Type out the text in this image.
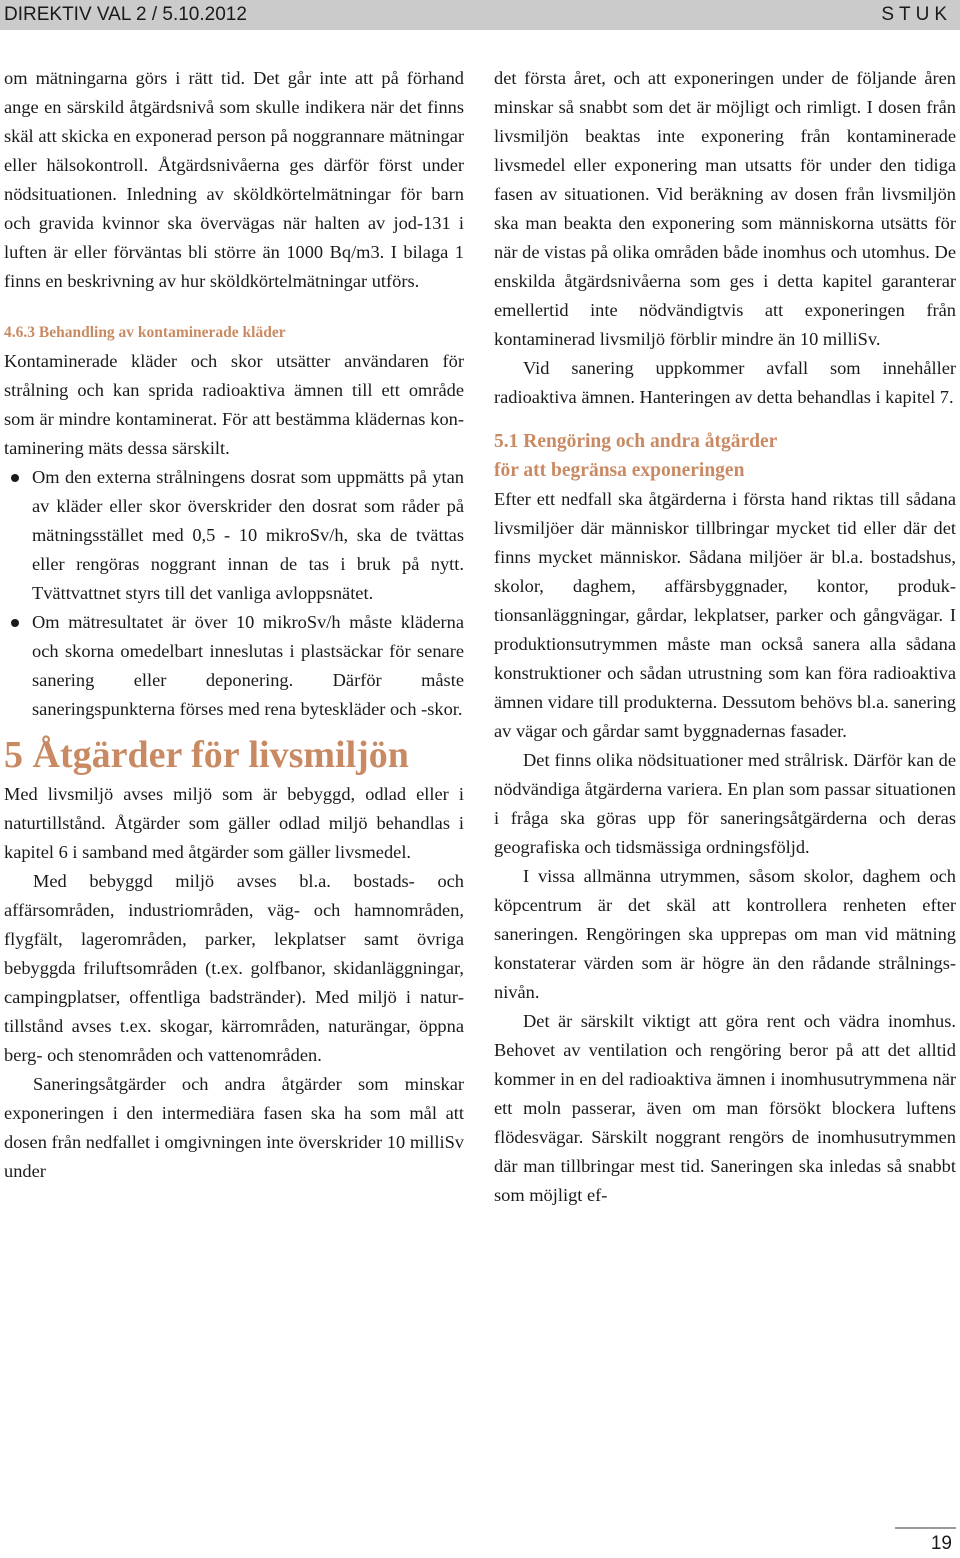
DIREKTIV VAL 2 / 5.10.2012	STUK

om mätningarna görs i rätt tid. Det går inte att på förhand ange en särskild åtgärdsnivå som skulle indikera när det finns skäl att skicka en exponerad person på noggrannare mätningar eller hälsokontroll. Åtgärdsnivåerna ges därför först under nödsituationen. Inledning av sköldkörtelmätningar för barn och gravida kvinnor ska övervägas när halten av jod-131 i luften är eller förväntas bli större än 1000 Bq/m3. I bilaga 1 finns en beskrivning av hur sköldkörtelmätningar utförs.

4.6.3 Behandling av kontaminerade kläder

Kontaminerade kläder och skor utsätter användaren för strålning och kan sprida radioaktiva ämnen till ett område som är mindre kontaminerat. För att bestämma klädernas kontaminering mäts dessa särskilt.

Om den externa strålningens dosrat som uppmätts på ytan av kläder eller skor överskrider den dosrat som råder på mätningsstället med 0,5 - 10 mikroSv/h, ska de tvättas eller rengöras noggrant innan de tas i bruk på nytt. Tvättvattnet styrs till det vanliga avloppsnätet.
Om mätresultatet är över 10 mikroSv/h måste kläderna och skorna omedelbart inneslutas i plastsäckar för senare sanering eller deponering. Därför måste saneringspunkterna förses med rena byteskläder och -skor.
5 Åtgärder för livsmiljön

Med livsmiljö avses miljö som är bebyggd, odlad eller i naturtillstånd. Åtgärder som gäller odlad miljö behandlas i kapitel 6 i samband med åtgärder som gäller livsmedel.

Med bebyggd miljö avses bl.a. bostads- och affärsområden, industriområden, väg- och hamnområden, flygfält, lagerområden, parker, lekplatser samt övriga bebyggda friluftsområden (t.ex. golfbanor, skidanläggningar, campingplatser, offentliga badstränder). Med miljö i naturtillstånd avses t.ex. skogar, kärrområden, naturängar, öppna berg- och stenområden och vattenområden.

Saneringsåtgärder och andra åtgärder som minskar exponeringen i den intermediära fasen ska ha som mål att dosen från nedfallet i omgivningen inte överskrider 10 milliSv under

det första året, och att exponeringen under de följande åren minskar så snabbt som det är möjligt och rimligt. I dosen från livsmiljön beaktas inte exponering från kontaminerade livsmedel eller exponering man utsatts för under den tidiga fasen av situationen. Vid beräkning av dosen från livsmiljön ska man beakta den exponering som människorna utsätts för när de vistas på olika områden både inomhus och utomhus. De enskilda åtgärdsnivåerna som ges i detta kapitel garanterar emellertid inte nödvändigtvis att exponeringen från kontaminerad livsmiljö förblir mindre än 10 milliSv.

Vid sanering uppkommer avfall som innehåller radioaktiva ämnen. Hanteringen av detta behandlas i kapitel 7.

5.1 Rengöring och andra åtgärder
för att begränsa exponeringen

Efter ett nedfall ska åtgärderna i första hand riktas till sådana livsmiljöer där människor tillbringar mycket tid eller där det finns mycket människor. Sådana miljöer är bl.a. bostadshus, skolor, daghem, affärsbyggnader, kontor, produktionsanläggningar, gårdar, lekplatser, parker och gångvägar. I produktionsutrymmen måste man också sanera alla sådana konstruktioner och sådan utrustning som kan föra radioaktiva ämnen vidare till produkterna. Dessutom behövs bl.a. sanering av vägar och gårdar samt byggnadernas fasader.

Det finns olika nödsituationer med strålrisk. Därför kan de nödvändiga åtgärderna variera. En plan som passar situationen i fråga ska göras upp för saneringsåtgärderna och deras geografiska och tidsmässiga ordningsföljd.

I vissa allmänna utrymmen, såsom skolor, daghem och köpcentrum är det skäl att kontrollera renheten efter saneringen. Rengöringen ska upprepas om man vid mätning konstaterar värden som är högre än den rådande strålningsnivån.

Det är särskilt viktigt att göra rent och vädra inomhus. Behovet av ventilation och rengöring beror på att det alltid kommer in en del radioaktiva ämnen i inomhusutrymmena när ett moln passerar, även om man försökt blockera luftens flödesvägar. Särskilt noggrant rengörs de inomhusutrymmen där man tillbringar mest tid. Saneringen ska inledas så snabbt som möjligt ef-

19
